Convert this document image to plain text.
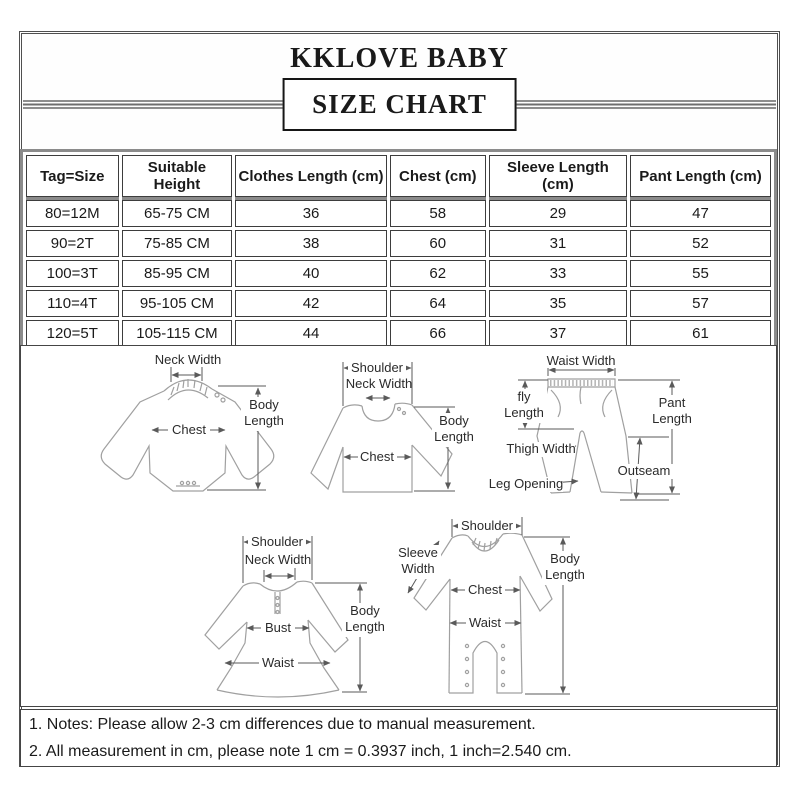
KKLOVE BABY
SIZE CHART
Tag=Size	Suitable Height	Clothes Length (cm)	Chest (cm)	Sleeve Length (cm)	Pant Length (cm)
80=12M	65-75 CM	36	58	29	47
90=2T	75-85 CM	38	60	31	52
100=3T	85-95 CM	40	62	33	55
110=4T	95-105 CM	42	64	35	57
120=5T	105-115 CM	44	66	37	61
Neck Width
Chest
Body Length
Shoulder
Neck Width
Chest
Body Length
Waist Width
fly Length
Pant Length
Thigh Width
Leg Opening
Outseam
Shoulder
Neck Width
Bust
Waist
Body Length
Shoulder
Sleeve Width
Chest
Waist
Body Length

1. Notes: Please allow 2-3 cm differences due to manual measurement.

2. All measurement in cm, please note 1 cm = 0.3937 inch, 1 inch=2.540 cm.
